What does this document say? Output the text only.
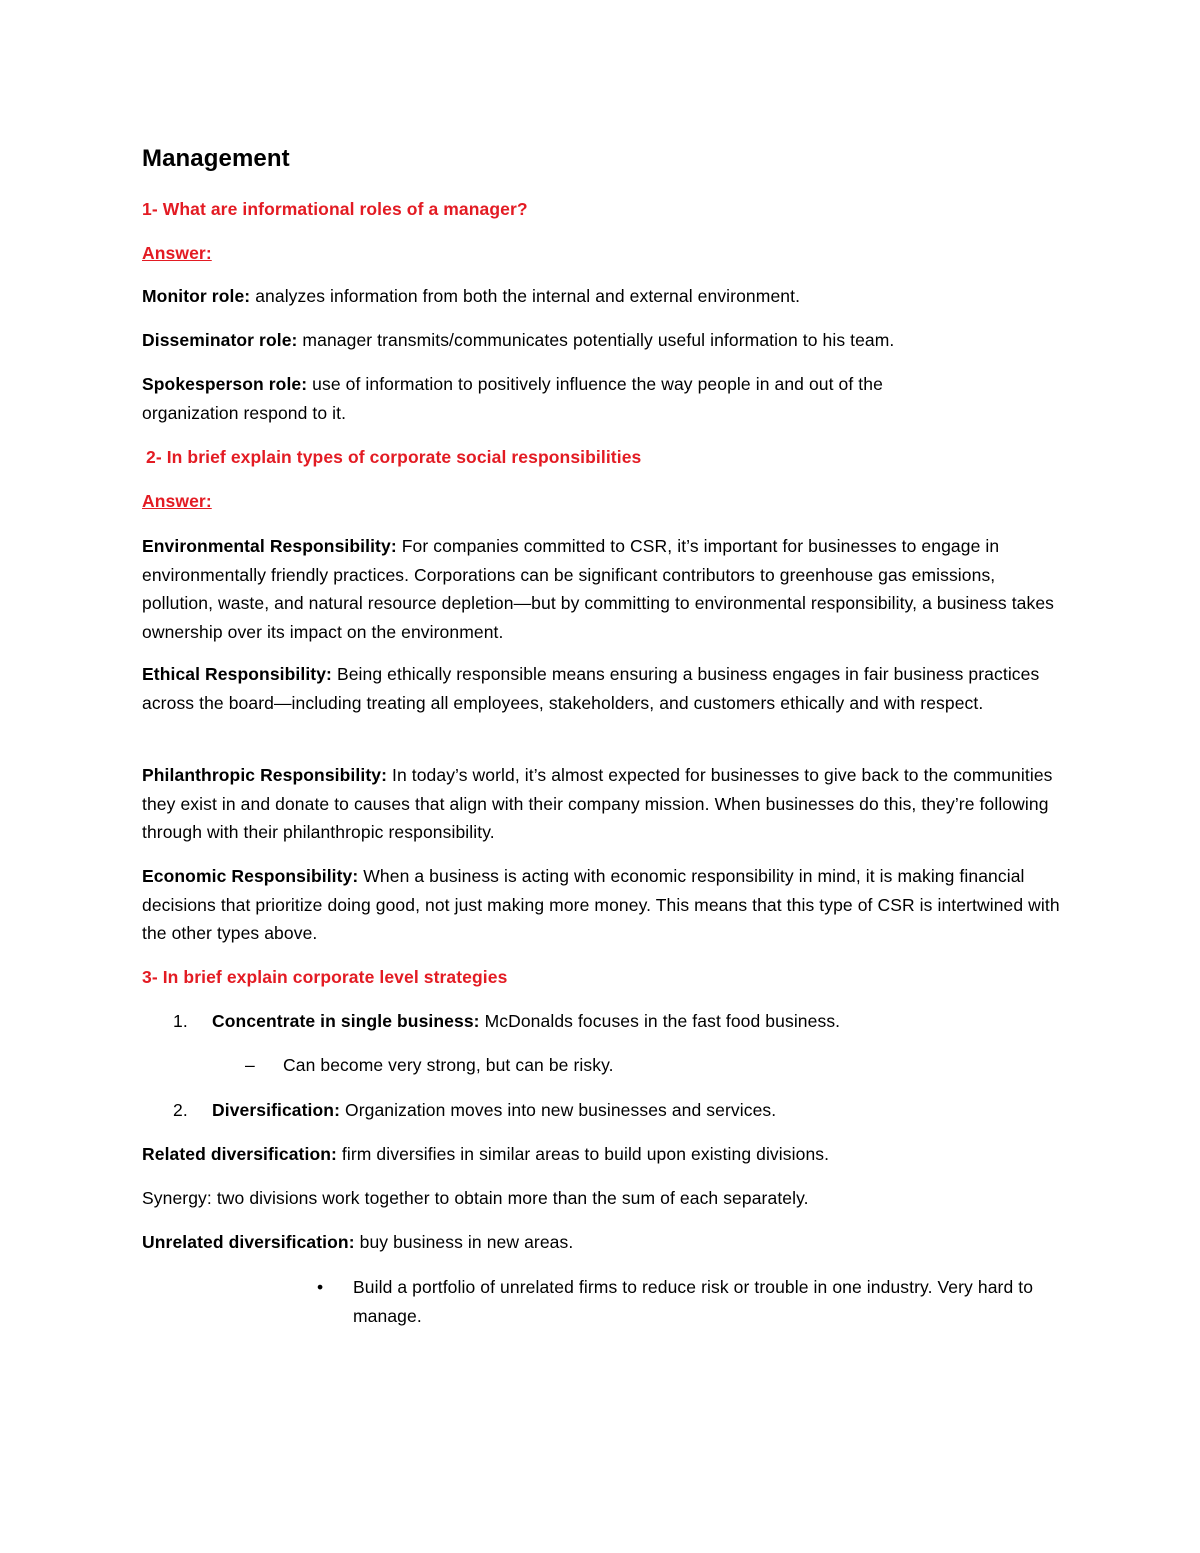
Management

1- What are informational roles of a manager?

Answer:

Monitor role: analyzes information from both the internal and external environment.

Disseminator role: manager transmits/communicates potentially useful information to his team.

Spokesperson role: use of information to positively influence the way people in and out of the organization respond to it.

2- In brief explain types of corporate social responsibilities

Answer:

Environmental Responsibility: For companies committed to CSR, it’s important for businesses to engage in environmentally friendly practices. Corporations can be significant contributors to greenhouse gas emissions, pollution, waste, and natural resource depletion—but by committing to environmental responsibility, a business takes ownership over its impact on the environment.

Ethical Responsibility: Being ethically responsible means ensuring a business engages in fair business practices across the board—including treating all employees, stakeholders, and customers ethically and with respect.

Philanthropic Responsibility: In today’s world, it’s almost expected for businesses to give back to the communities they exist in and donate to causes that align with their company mission. When businesses do this, they’re following through with their philanthropic responsibility.

Economic Responsibility: When a business is acting with economic responsibility in mind, it is making financial decisions that prioritize doing good, not just making more money. This means that this type of CSR is intertwined with the other types above.

3- In brief explain corporate level strategies

1. Concentrate in single business: McDonalds focuses in the fast food business.

– Can become very strong, but can be risky.

2. Diversification: Organization moves into new businesses and services.

Related diversification: firm diversifies in similar areas to build upon existing divisions.

Synergy: two divisions work together to obtain more than the sum of each separately.

Unrelated diversification: buy business in new areas.

• Build a portfolio of unrelated firms to reduce risk or trouble in one industry. Very hard to manage.
